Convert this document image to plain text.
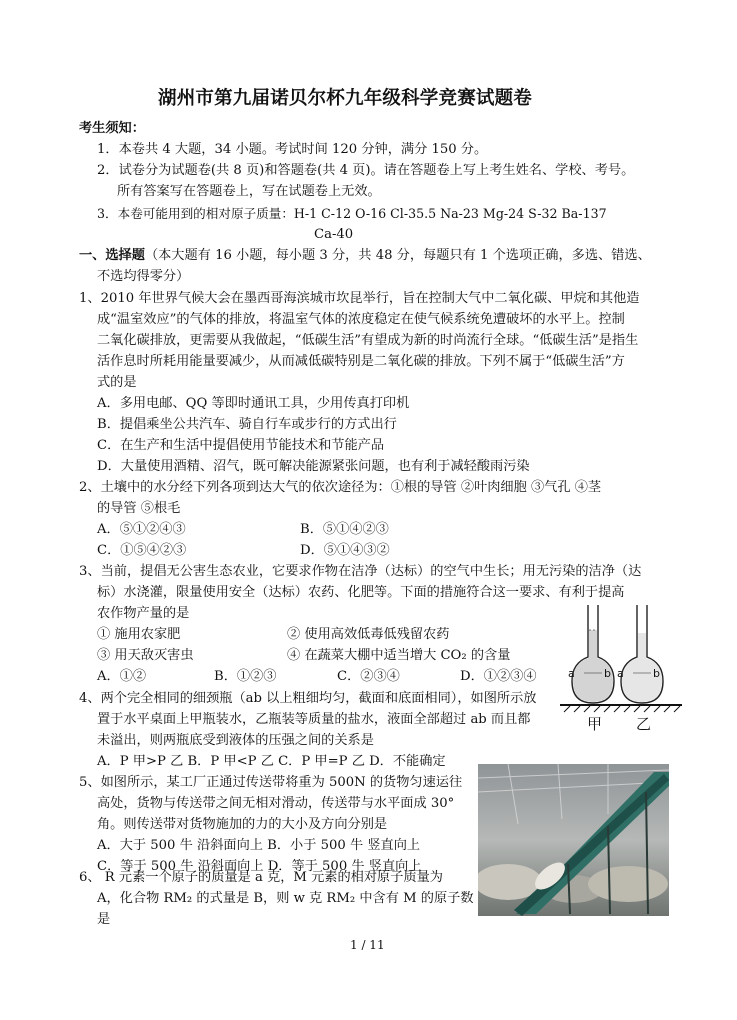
湖州市第九届诺贝尔杯九年级科学竞赛试题卷
考生须知：
1．本卷共 4 大题，34 小题。考试时间 120 分钟，满分 150 分。
2．试卷分为试题卷(共 8 页)和答题卷(共 4 页)。请在答题卷上写上考生姓名、学校、考号。
所有答案写在答题卷上，写在试题卷上无效。
3．本卷可能用到的相对原子质量：H-1 C-12 O-16 Cl-35.5 Na-23 Mg-24 S-32 Ba-137
Ca-40
一、选择题（本大题有 16 小题，每小题 3 分，共 48 分，每题只有 1 个选项正确，多选、错选、
不选均得零分）
1、2010 年世界气候大会在墨西哥海滨城市坎昆举行，旨在控制大气中二氧化碳、甲烷和其他造
成“温室效应”的气体的排放，将温室气体的浓度稳定在使气候系统免遭破坏的水平上。控制
二氧化碳排放，更需要从我做起，“低碳生活”有望成为新的时尚流行全球。“低碳生活”是指生
活作息时所耗用能量要减少，从而减低碳特别是二氧化碳的排放。下列不属于“低碳生活”方
式的是
A．多用电邮、QQ 等即时通讯工具，少用传真打印机
B．提倡乘坐公共汽车、骑自行车或步行的方式出行
C．在生产和生活中提倡使用节能技术和节能产品
D．大量使用酒精、沼气，既可解决能源紧张问题，也有利于减轻酸雨污染
2、土壤中的水分经下列各项到达大气的依次途径为：①根的导管 ②叶肉细胞 ③气孔 ④茎
的导管 ⑤根毛
A．⑤①②④③	B．⑤①④②③
C．①⑤④②③	D．⑤①④③②
3、当前，提倡无公害生态农业，它要求作物在洁净（达标）的空气中生长；用无污染的洁净（达
标）水浇灌，限量使用安全（达标）农药、化肥等。下面的措施符合这一要求、有利于提高
农作物产量的是
① 施用农家肥	② 使用高效低毒低残留农药
③ 用天敌灭害虫	④ 在蔬菜大棚中适当增大 CO₂ 的含量
A．①②	B．①②③	C．②③④	D．①②③④
4、两个完全相同的细颈瓶（ab 以上粗细均匀，截面和底面相同），如图所示放
置于水平桌面上甲瓶装水，乙瓶装等质量的盐水，液面全部超过 ab 而且都
未溢出，则两瓶底受到液体的压强之间的关系是
A．P 甲>P 乙 B．P 甲<P 乙 C．P 甲=P 乙 D．不能确定
a	b a	b
甲 乙
5、如图所示，某工厂正通过传送带将重为 500N 的货物匀速运往
高处，货物与传送带之间无相对滑动，传送带与水平面成 30°
角。则传送带对货物施加的力的大小及方向分别是
A．大于 500 牛 沿斜面向上 B．小于 500 牛 竖直向上
C．等于 500 牛 沿斜面向上 D．等于 500 牛 竖直向上
6、 R 元素一个原子的质量是 a 克，M 元素的相对原子质量为
A，化合物 RM₂ 的式量是 B，则 w 克 RM₂ 中含有 M 的原子数
是
1 / 11
